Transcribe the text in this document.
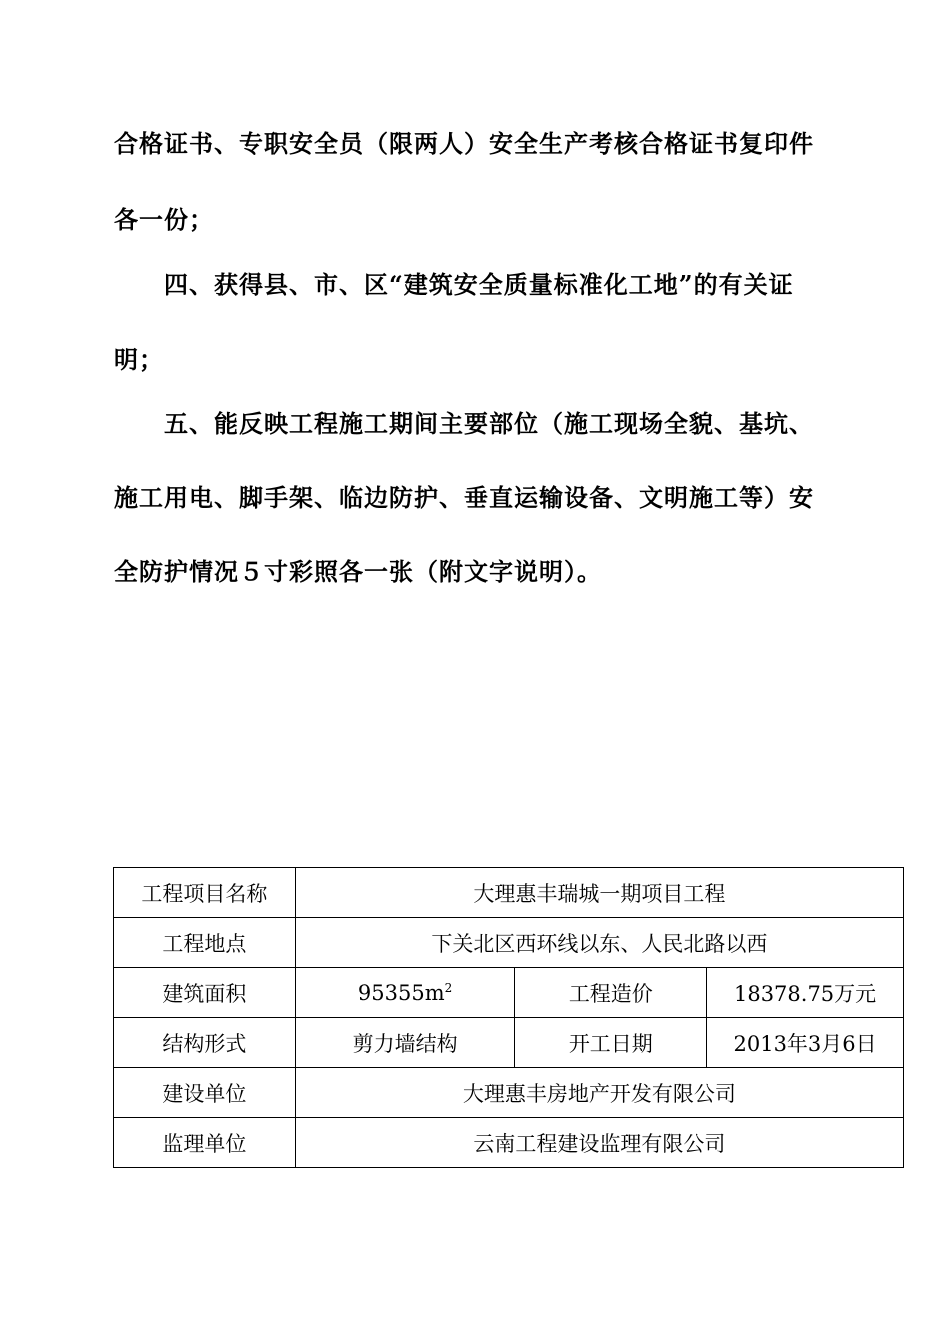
合格证书、专职安全员（限两人）安全生产考核合格证书复印件
各一份；
四、获得县、市、区“建筑安全质量标准化工地”的有关证
明；
五、能反映工程施工期间主要部位（施工现场全貌、基坑、
施工用电、脚手架、临边防护、垂直运输设备、文明施工等）安
全防护情况５寸彩照各一张（附文字说明）。
工程项目名称	大理惠丰瑞城一期项目工程		
工程地点	下关北区西环线以东、人民北路以西		
建筑面积	$95355m^2$	工程造价	18378.75万元
结构形式	剪力墙结构	开工日期	2013年3月6日
建设单位	大理惠丰房地产开发有限公司		
监理单位	云南工程建设监理有限公司		
